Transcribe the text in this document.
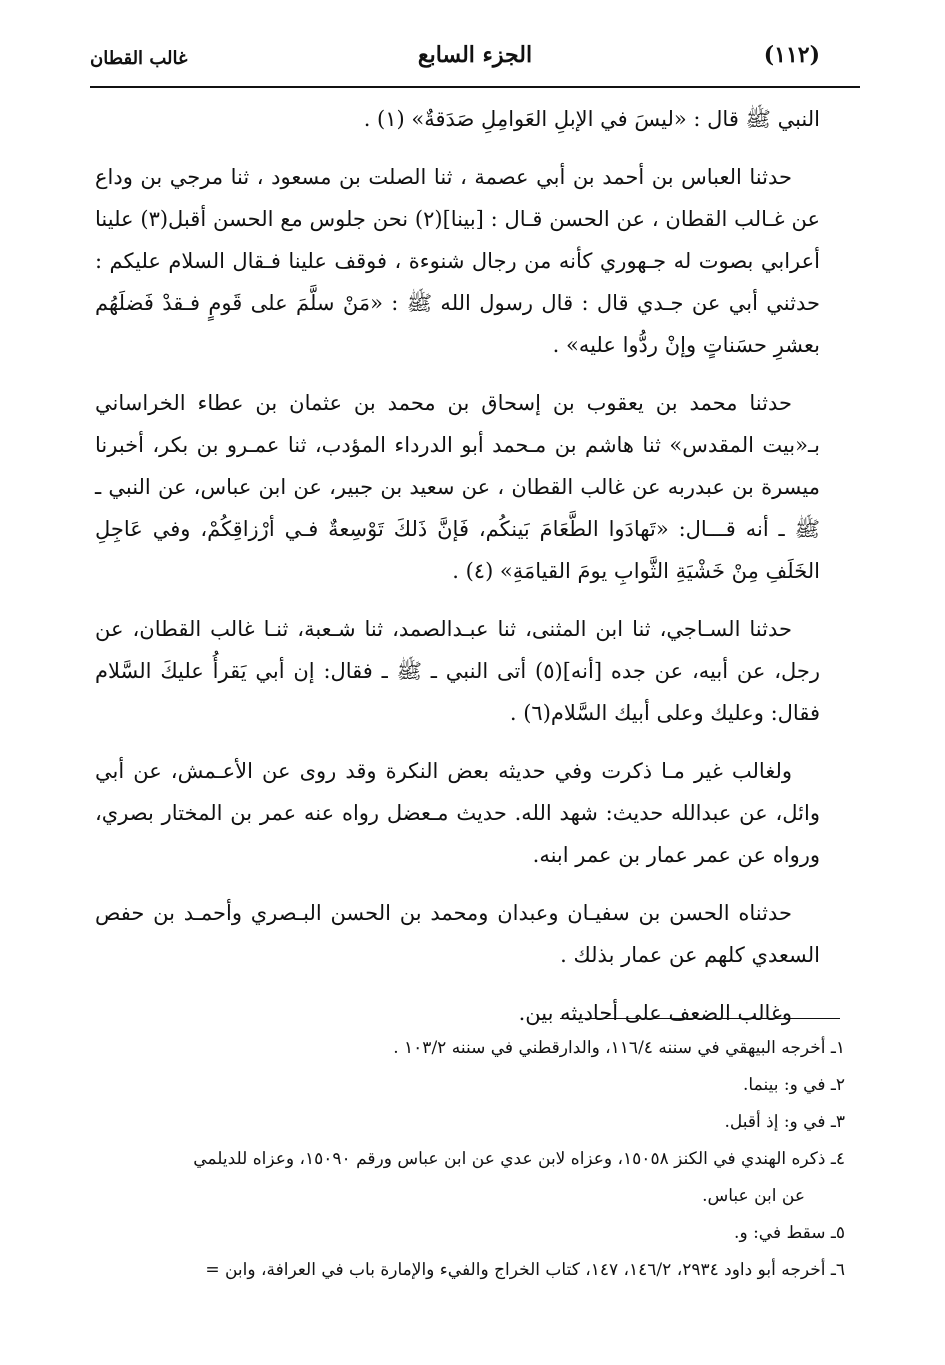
(١١٢)
الجزء السابع
غالب القطان

النبي ﷺ قال : «ليسَ في الإبلِ العَوامِلِ صَدَقةٌ» (١) .

حدثنا العباس بن أحمد بن أبي عصمة ، ثنا الصلت بن مسعود ، ثنا مرجي بن وداع عن غـالب القطان ، عن الحسن قـال : [بينا](٢) نحن جلوس مع الحسن أقبل(٣) علينا أعرابي بصوت له جـهوري كأنه من رجال شنوءة ، فوقف علينا فـقال السلام عليكم : حدثني أبي عن جـدي قال : قال رسول الله ﷺ : «مَنْ سلَّمَ على قَومٍ فـقدْ فَضلَهُم بعشرِ حسَناتٍ وإنْ ردُّوا عليه» .

حدثنا محمد بن يعقوب بن إسحاق بن محمد بن عثمان بن عطاء الخراساني بـ«بيت المقدس» ثنا هاشم بن مـحمد أبو الدرداء المؤدب، ثنا عمـرو بن بكر، أخبرنا ميسرة بن عبدربه عن غالب القطان ، عن سعيد بن جبير، عن ابن عباس، عن النبي ـ ﷺ ـ أنه قـــال: «تَهادَوا الطَّعَامَ بَينكُم، فَإنَّ ذَلكَ تَوْسِعةٌ فـي أرْزاقِكُمْ، وفي عَاجِلِ الخَلَفِ مِنْ خَشْيَةِ الثَّوابِ يومَ القيامَةِ» (٤) .

حدثنا السـاجي، ثنا ابن المثنى، ثنا عبـدالصمد، ثنا شـعبة، ثنـا غالب القطان، عن رجل، عن أبيه، عن جده [أنه](٥) أتى النبي ـ ﷺ ـ فقال: إن أبي يَقرأُ عليكَ السَّلام فقال: وعليك وعلى أبيك السَّلام(٦) .

ولغالب غير مـا ذكرت وفي حديثه بعض النكرة وقد روى عن الأعـمش، عن أبي وائل، عن عبدالله حديث: شهد الله. حديث مـعضل رواه عنه عمر بن المختار بصري، ورواه عن عمر عمار بن عمر ابنه.

حدثناه الحسن بن سفيـان وعبدان ومحمد بن الحسن البـصري وأحمـد بن حفص السعدي كلهم عن عمار بذلك .

وغالب الضعف على أحاديثه بين.

١ـ أخرجه البيهقي في سننه ١١٦/٤، والدارقطني في سننه ١٠٣/٢ .

٢ـ في و: بينما.

٣ـ في و: إذ أقبل.

٤ـ ذكره الهندي في الكنز ١٥٠٥٨، وعزاه لابن عدي عن ابن عباس ورقم ١٥٠٩٠، وعزاه للديلمي

عن ابن عباس.

٥ـ سقط في: و.

٦ـ أخرجه أبو داود ٢٩٣٤، ١٤٦/٢، ١٤٧، كتاب الخراج والفيء والإمارة باب في العرافة، وابن =
